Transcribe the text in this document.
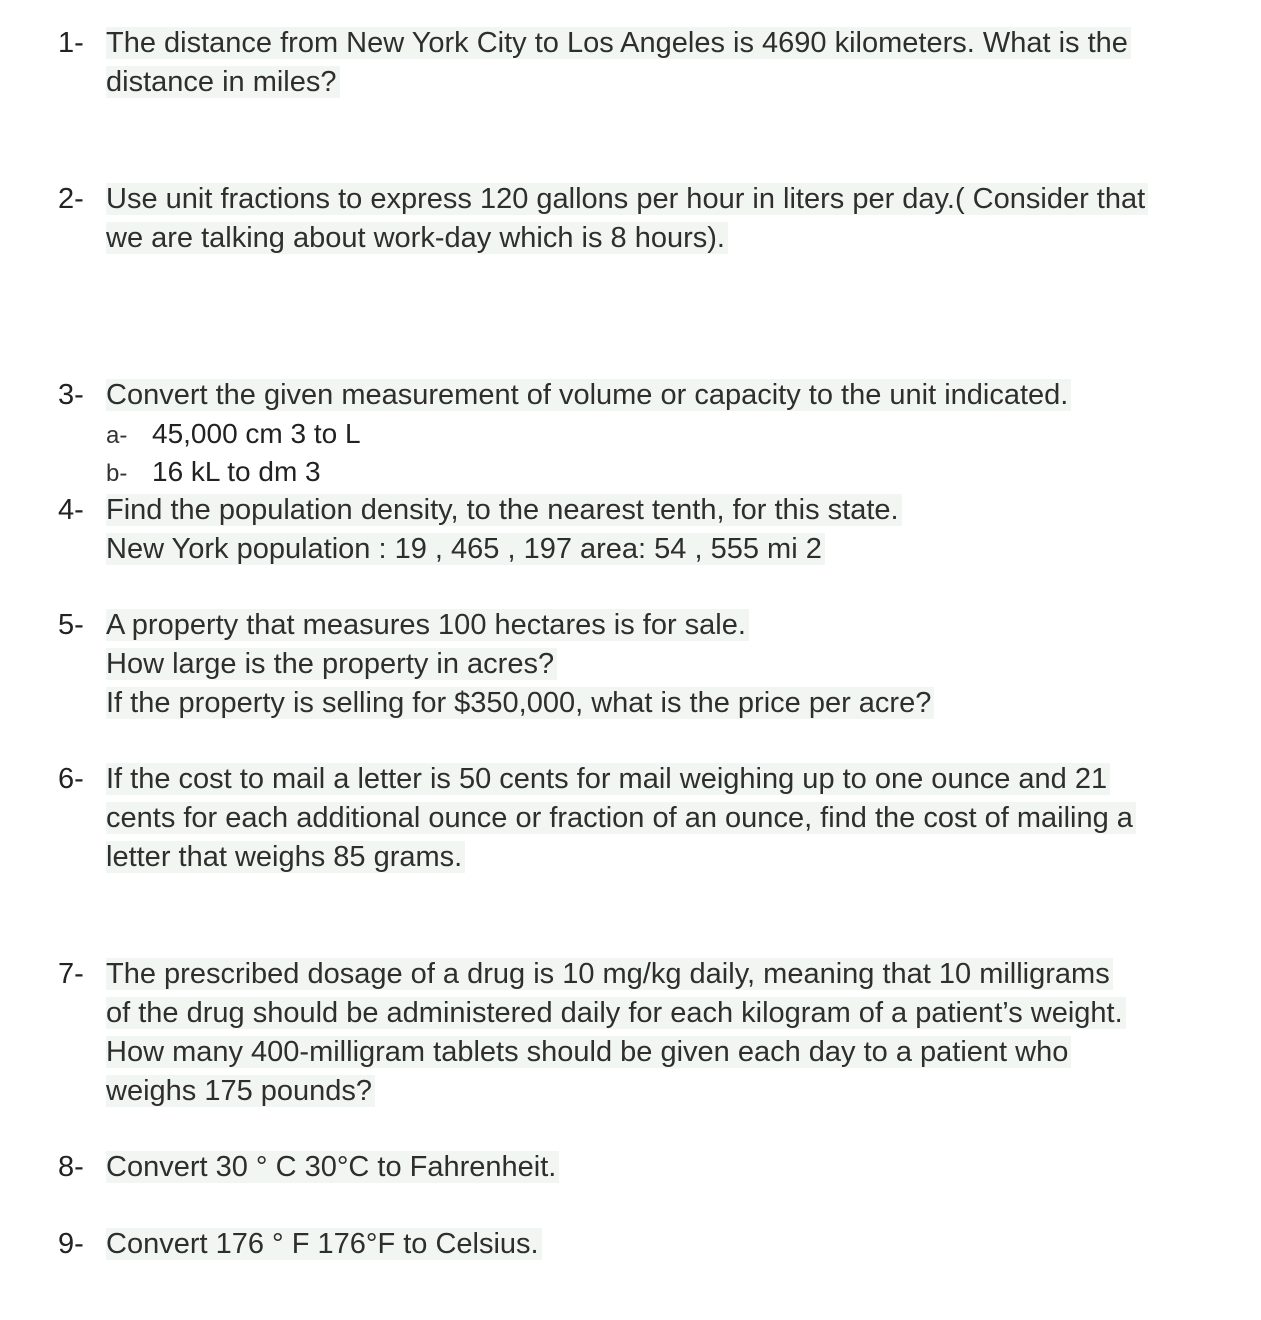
1- The distance from New York City to Los Angeles is 4690 kilometers. What is the
distance in miles?
2- Use unit fractions to express 120 gallons per hour in liters per day.( Consider that
we are talking about work-day which is 8 hours).
3- Convert the given measurement of volume or capacity to the unit indicated.
a- 45,000 cm 3 to L
b- 16 kL to dm 3
4- Find the population density, to the nearest tenth, for this state.
New York population : 19 , 465 , 197 area: 54 , 555 mi 2
5- A property that measures 100 hectares is for sale.
How large is the property in acres?
If the property is selling for $350,000, what is the price per acre?
6- If the cost to mail a letter is 50 cents for mail weighing up to one ounce and 21
cents for each additional ounce or fraction of an ounce, find the cost of mailing a
letter that weighs 85 grams.
7- The prescribed dosage of a drug is 10 mg/kg daily, meaning that 10 milligrams
of the drug should be administered daily for each kilogram of a patient’s weight.
How many 400-milligram tablets should be given each day to a patient who
weighs 175 pounds?
8- Convert 30 ° C 30°C to Fahrenheit.
9- Convert 176 ° F 176°F to Celsius.
